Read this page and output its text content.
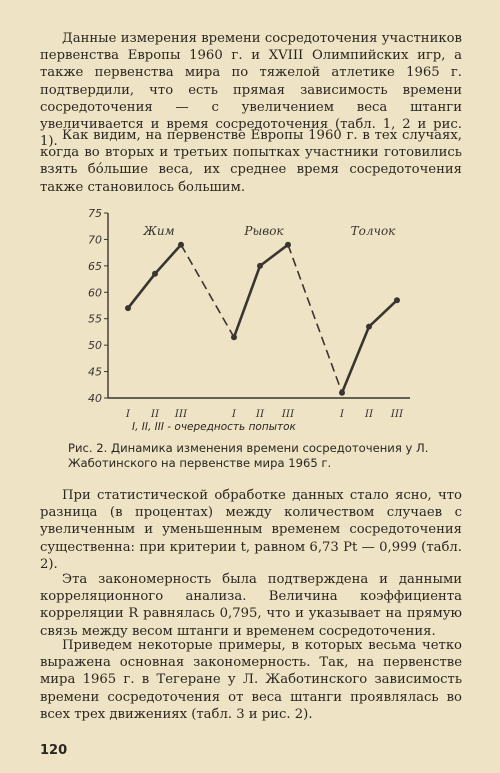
Данные измерения времени сосредоточения участников первенства Европы 1960 г. и XVIII Олимпийских игр, а также первенства мира по тяжелой атлетике 1965 г. подтвердили, что есть прямая зависимость времени сосредоточения — с увеличением веса штанги увеличивается и время сосредоточения (табл. 1, 2 и рис. 1). Как видим, на первенстве Европы 1960 г. в тех случаях, когда во вторых и третьих попытках участники готовились взять бóльшие веса, их среднее время сосредоточения также становилось большим.

75
70
65
60
55
50
45
40
I II III	I II III	I II III
Жим	Рывок	Толчок
I, II, III - очередность попыток

Рис. 2. Динамика изменения времени сосредоточения у Л. Жаботинского на первенстве мира 1965 г.

При статистической обработке данных стало ясно, что разница (в процентах) между количеством случаев с увеличенным и уменьшенным временем сосредоточения существенна: при критерии t, равном 6,73 Pt — 0,999 (табл. 2).

Эта закономерность была подтверждена и данными корреляционного анализа. Величина коэффициента корреляции R равнялась 0,795, что и указывает на прямую связь между весом штанги и временем сосредоточения.

Приведем некоторые примеры, в которых весьма четко выражена основная закономерность. Так, на первенстве мира 1965 г. в Тегеране у Л. Жаботинского зависимость времени сосредоточения от веса штанги проявлялась во всех трех движениях (табл. 3 и рис. 2).

120
